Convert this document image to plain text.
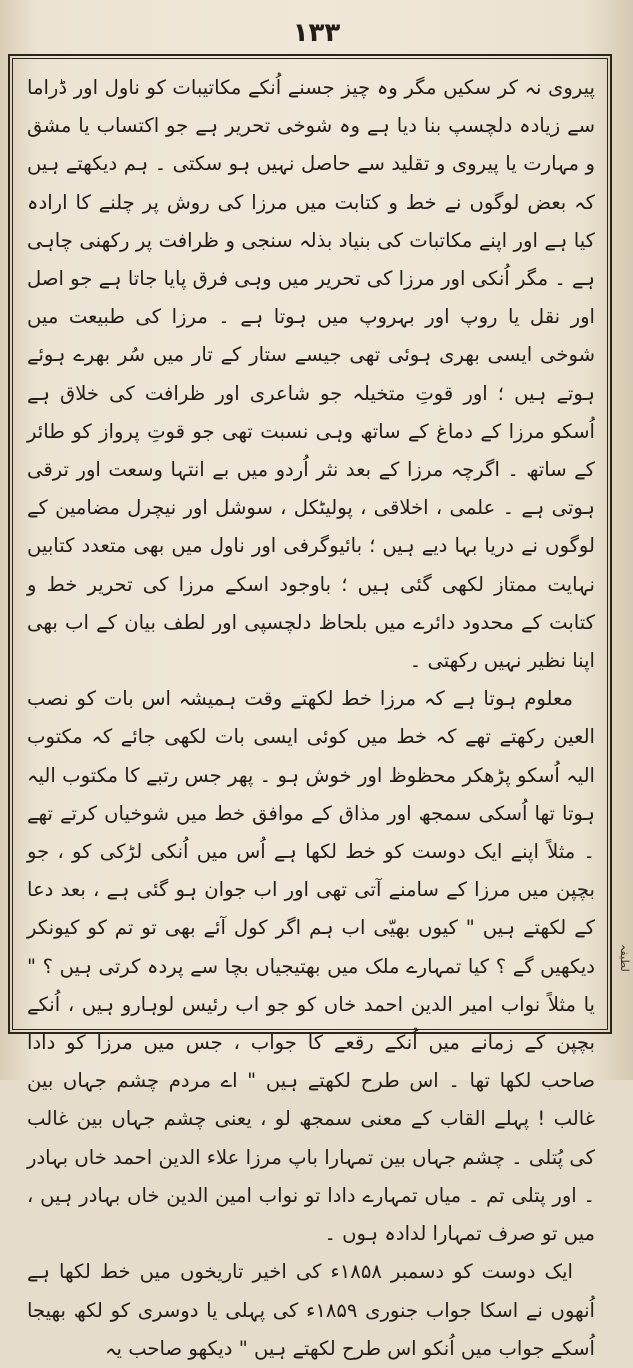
۱۳۳

پیروی نہ کر سکیں مگر وہ چیز جسنے اُنکے مکاتیبات کو ناول اور ڈراما سے زیادہ دلچسپ بنا دیا ہے وہ شوخی تحریر ہے جو اکتساب یا مشق و مہارت یا پیروی و تقلید سے حاصل نہیں ہو سکتی ۔ ہم دیکھتے ہیں کہ بعض لوگوں نے خط و کتابت میں مرزا کی روش پر چلنے کا ارادہ کیا ہے اور اپنے مکاتبات کی بنیاد بذلہ سنجی و ظرافت پر رکھنی چاہی ہے ۔ مگر اُنکی اور مرزا کی تحریر میں وہی فرق پایا جاتا ہے جو اصل اور نقل یا روپ اور بہروپ میں ہوتا ہے ۔ مرزا کی طبیعت میں شوخی ایسی بھری ہوئی تھی جیسے ستار کے تار میں سُر بھرے ہوئے ہوتے ہیں ؛ اور قوتِ متخیلہ جو شاعری اور ظرافت کی خلاق ہے اُسکو مرزا کے دماغ کے ساتھ وہی نسبت تھی جو قوتِ پرواز کو طائر کے ساتھ ۔ اگرچہ مرزا کے بعد نثر اُردو میں بے انتہا وسعت اور ترقی ہوتی ہے ۔ علمی ، اخلاقی ، پولیٹکل ، سوشل اور نیچرل مضامین کے لوگوں نے دریا بہا دیے ہیں ؛ بائیوگرفی اور ناول میں بھی متعدد کتابیں نہایت ممتاز لکھی گئی ہیں ؛ باوجود اسکے مرزا کی تحریر خط و کتابت کے محدود دائرے میں بلحاظ دلچسپی اور لطف بیان کے اب بھی اپنا نظیر نہیں رکھتی ۔

معلوم ہوتا ہے کہ مرزا خط لکھتے وقت ہمیشہ اس بات کو نصب العین رکھتے تھے کہ خط میں کوئی ایسی بات لکھی جائے کہ مکتوب الیہ اُسکو پڑھکر محظوظ اور خوش ہو ۔ پھر جس رتبے کا مکتوب الیہ ہوتا تھا اُسکی سمجھ اور مذاق کے موافق خط میں شوخیاں کرتے تھے ۔ مثلاً اپنے ایک دوست کو خط لکھا ہے اُس میں اُنکی لڑکی کو ، جو بچپن میں مرزا کے سامنے آتی تھی اور اب جوان ہو گئی ہے ، بعد دعا کے لکھتے ہیں " کیوں بھیّی اب ہم اگر کول آئے بھی تو تم کو کیونکر دیکھیں گے ؟ کیا تمہارے ملک میں بھتیجیاں بچا سے پردہ کرتی ہیں ؟ " یا مثلاً نواب امیر الدین احمد خاں کو جو اب رئیس لوہارو ہیں ، اُنکے بچپن کے زمانے میں اُنکے رقعے کا جواب ، جس میں مرزا کو دادا صاحب لکھا تھا ۔ اس طرح لکھتے ہیں " اے مردم چشم جہاں بین غالب ! پہلے القاب کے معنی سمجھ لو ، یعنی چشم جہاں بین غالب کی پُتلی ۔ چشم جہاں بین تمہارا باپ مرزا علاء الدین احمد خاں بہادر ۔ اور پتلی تم ۔ میاں تمہارے دادا تو نواب امین الدین خاں بہادر ہیں ، میں تو صرف تمہارا لدادہ ہوں ۔

ایک دوست کو دسمبر ۱۸۵۸ء کی اخیر تاریخوں میں خط لکھا ہے اُنھوں نے اسکا جواب جنوری ۱۸۵۹ء کی پہلی یا دوسری کو لکھ بھیجا اُسکے جواب میں اُنکو اس طرح لکھتے ہیں " دیکھو صاحب یہ

لطیفہ
